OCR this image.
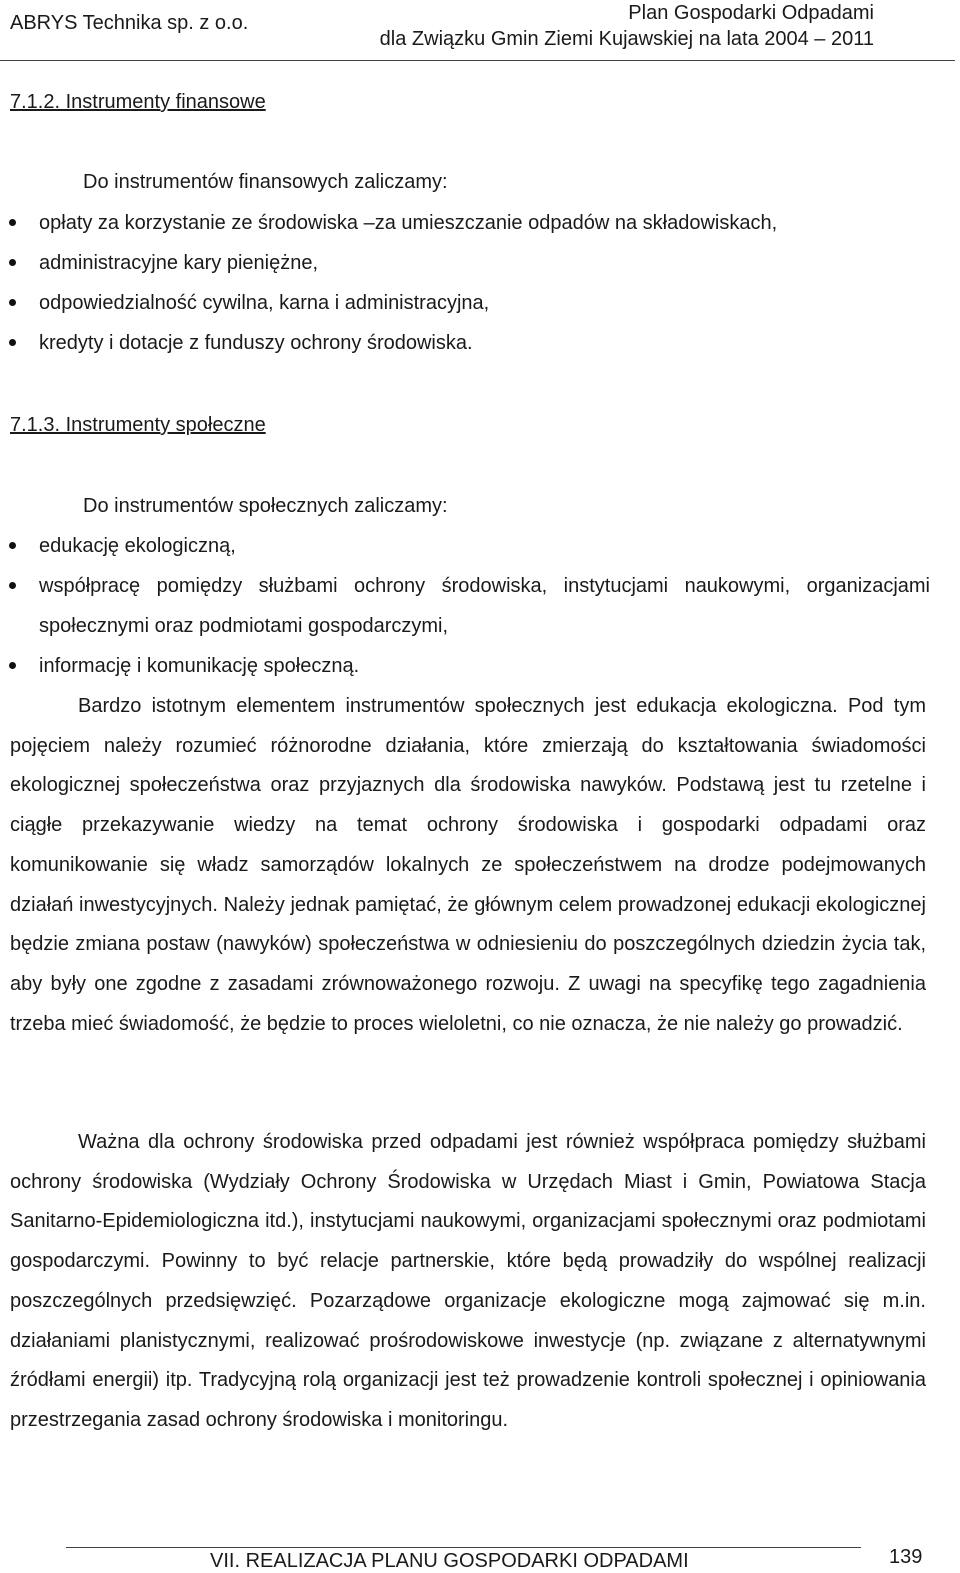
ABRYS Technika sp. z o.o.	Plan Gospodarki Odpadami
dla Związku Gmin Ziemi Kujawskiej na lata 2004 – 2011
7.1.2. Instrumenty finansowe
Do instrumentów finansowych zaliczamy:
opłaty za korzystanie ze środowiska –za umieszczanie odpadów na składowiskach,
administracyjne kary pieniężne,
odpowiedzialność cywilna, karna i administracyjna,
kredyty i dotacje z funduszy ochrony środowiska.
7.1.3. Instrumenty społeczne
Do instrumentów społecznych zaliczamy:
edukację ekologiczną,
współpracę pomiędzy służbami ochrony środowiska, instytucjami naukowymi, organizacjami społecznymi oraz podmiotami gospodarczymi,
informację i komunikację społeczną.

Bardzo istotnym elementem instrumentów społecznych jest edukacja ekologiczna. Pod tym pojęciem należy rozumieć różnorodne działania, które zmierzają do kształtowania świadomości ekologicznej społeczeństwa oraz przyjaznych dla środowiska nawyków. Podstawą jest tu rzetelne i ciągłe przekazywanie wiedzy na temat ochrony środowiska i gospodarki odpadami oraz komunikowanie się władz samorządów lokalnych ze społeczeństwem na drodze podejmowanych działań inwestycyjnych. Należy jednak pamiętać, że głównym celem prowadzonej edukacji ekologicznej będzie zmiana postaw (nawyków) społeczeństwa w odniesieniu do poszczególnych dziedzin życia tak, aby były one zgodne z zasadami zrównoważonego rozwoju. Z uwagi na specyfikę tego zagadnienia trzeba mieć świadomość, że będzie to proces wieloletni, co nie oznacza, że nie należy go prowadzić.

Ważna dla ochrony środowiska przed odpadami jest również współpraca pomiędzy służbami ochrony środowiska (Wydziały Ochrony Środowiska w Urzędach Miast i Gmin, Powiatowa Stacja Sanitarno-Epidemiologiczna itd.), instytucjami naukowymi, organizacjami społecznymi oraz podmiotami gospodarczymi. Powinny to być relacje partnerskie, które będą prowadziły do wspólnej realizacji poszczególnych przedsięwzięć. Pozarządowe organizacje ekologiczne mogą zajmować się m.in. działaniami planistycznymi, realizować prośrodowiskowe inwestycje (np. związane z alternatywnymi źródłami energii) itp. Tradycyjną rolą organizacji jest też prowadzenie kontroli społecznej i opiniowania przestrzegania zasad ochrony środowiska i monitoringu.

VII. REALIZACJA PLANU GOSPODARKI ODPADAMI	139
